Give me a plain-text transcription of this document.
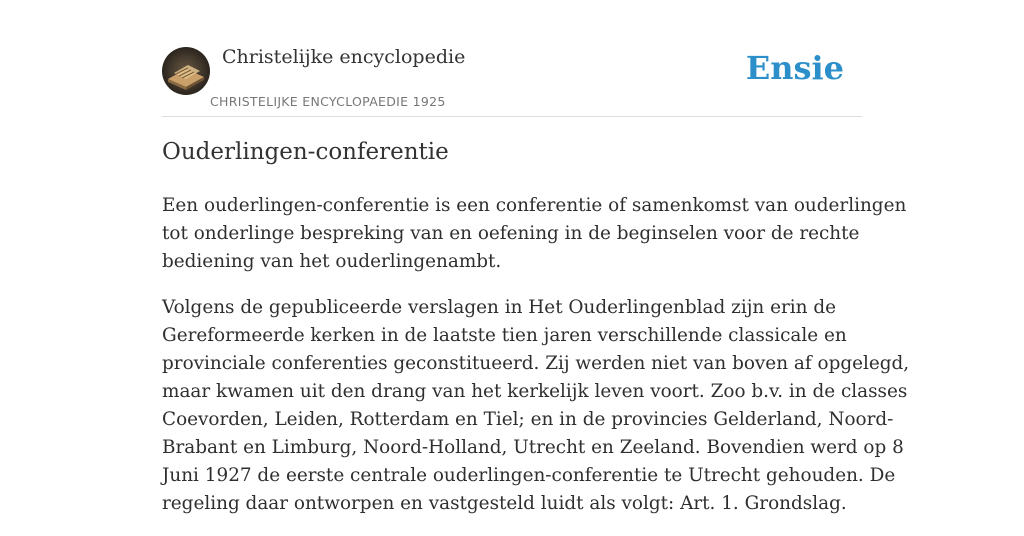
Christelijke encyclopedie
CHRISTELIJKE ENCYCLOPAEDIE 1925
Ensie
Ouderlingen-conferentie

Een ouderlingen-conferentie is een conferentie of samenkomst van ouderlingen
tot onderlinge bespreking van en oefening in de beginselen voor de rechte
bediening van het ouderlingenambt.

Volgens de gepubliceerde verslagen in Het Ouderlingenblad zijn erin de
Gereformeerde kerken in de laatste tien jaren verschillende classicale en
provinciale conferenties geconstitueerd. Zij werden niet van boven af opgelegd,
maar kwamen uit den drang van het kerkelijk leven voort. Zoo b.v. in de classes
Coevorden, Leiden, Rotterdam en Tiel; en in de provincies Gelderland, Noord-
Brabant en Limburg, Noord-Holland, Utrecht en Zeeland. Bovendien werd op 8
Juni 1927 de eerste centrale ouderlingen-conferentie te Utrecht gehouden. De
regeling daar ontworpen en vastgesteld luidt als volgt: Art. 1. Grondslag.
